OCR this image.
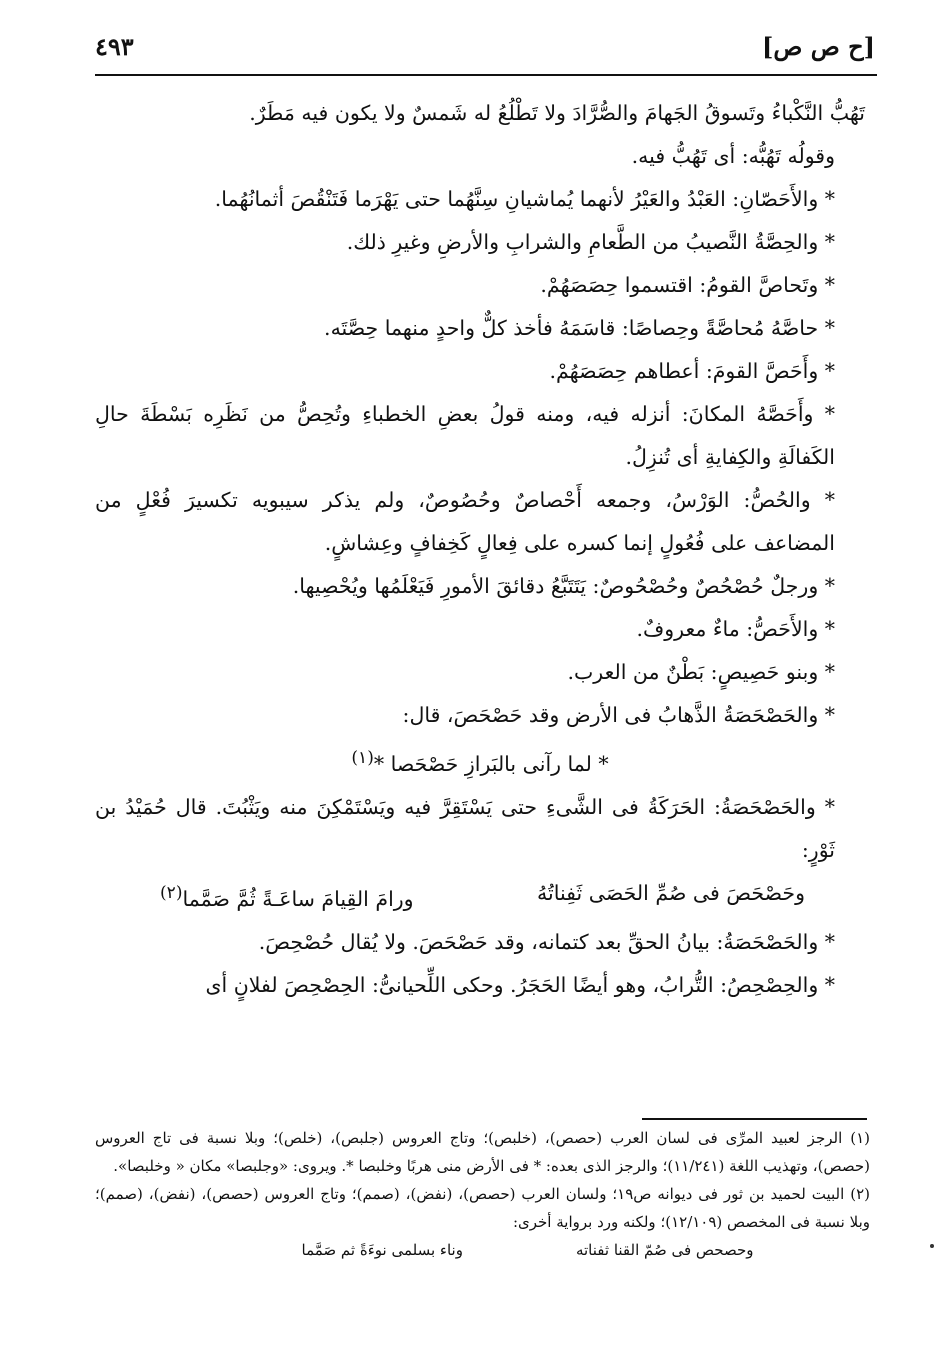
[ح ص ص]
٤٩٣

تَهُبُّ النَّكْباءُ وتَسوقُ الجَهامَ والصُّرَّادَ ولا تَطْلُعُ له شَمسٌ ولا يكون فيه مَطَرٌ.

وقولُه تَهُبُّه: أى تَهُبُّ فيه.

* والأَحَصّانِ: العَبْدُ والعَيْرُ لأنهما يُماشيانِ سِنَّهُما حتى يَهْرَما فَتَنْقُصَ أثمانُهُما.

* والحِصَّةُ النَّصيبُ من الطَّعامِ والشرابِ والأرضِ وغيرِ ذلك.

* وتَحاصَّ القومُ: اقتسموا حِصَصَهُمْ.

* حاصَّهُ مُحاصَّةً وحِصاصًا: قاسَمَهُ فأخذ كلٌّ واحدٍ منهما حِصَّتَه.

* وأَحَصَّ القومَ: أعطاهم حِصَصَهُمْ.

* وأَحَصَّهُ المكانَ: أنزله فيه، ومنه قولُ بعضِ الخطباءِ وتُحِصُّ من نَظَرِه بَسْطَةَ حالِ الكَفالَةِ والكِفايةِ أى تُنزِلُ.

* والحُصُّ: الوَرْسُ، وجمعه أَحْصاصٌ وحُصُوصٌ، ولم يذكر سيبويه تكسيرَ فُعْلٍ من المضاعف على فُعُولٍ إنما كسره على فِعالٍ كَخِفافٍ وعِشاشٍ.

* ورجلٌ حُصْحُصٌ وحُصْحُوصٌ: يَتَتَبَّعُ دقائقَ الأمورِ فَيَعْلَمُها ويُحْصِيها.

* والأَحَصُّ: ماءٌ معروفٌ.

* وبنو حَصِيصٍ: بَطْنٌ من العرب.

* والحَصْحَصَةُ الذَّهابُ فى الأرض وقد حَصْحَصَ، قال:

* لما رآنى بالبَرازِ حَصْحَصا *$^{(١)}$

* والحَصْحَصَةُ: الحَرَكَةُ فى الشَّىءِ حتى يَسْتَقِرَّ فيه ويَسْتَمْكِنَ منه ويَثْبُتَ. قال حُمَيْدُ بن ثَوْرٍ:

وحَصْحَصَ فى صُمِّ الحَصَى ثَفِناتُهُ
ورامَ القِيامَ ساعَـةً ثُمَّ صَمَّما$^{(٢)}$

* والحَصْحَصَةُ: بيانُ الحقِّ بعد كتمانه، وقد حَصْحَصَ. ولا يُقال حُصْحِصَ.

* والحِصْحِصُ: التُّرابُ، وهو أيضًا الحَجَرُ. وحكى اللِّحيانىُّ: الحِصْحِصَ لفلانٍ أى

(١) الرجز لعبيد المرِّى فى لسان العرب (حصص)، (خلبص)؛ وتاج العروس (جلبص)، (خلص)؛ وبلا نسبة فى تاج العروس (حصص)، وتهذيب اللغة (١١/٢٤١)؛ والرجز الذى بعده: * فى الأرض منى هربًا وخلبصا *. ويروى: «وجلبصا» مكان « وخلبصا».

(٢) البيت لحميد بن ثور فى ديوانه ص١٩؛ ولسان العرب (حصص)، (نفض)، (صمم)؛ وتاج العروس (حصص)، (نفض)، (صمم)؛ وبلا نسبة فى المخصص (١٢/١٠٩)؛ ولكنه ورد برواية أخرى:

وحصحص فى صُمّ القنا ثفناته
وناء بسلمى نوءَةً ثم صَمَّما
